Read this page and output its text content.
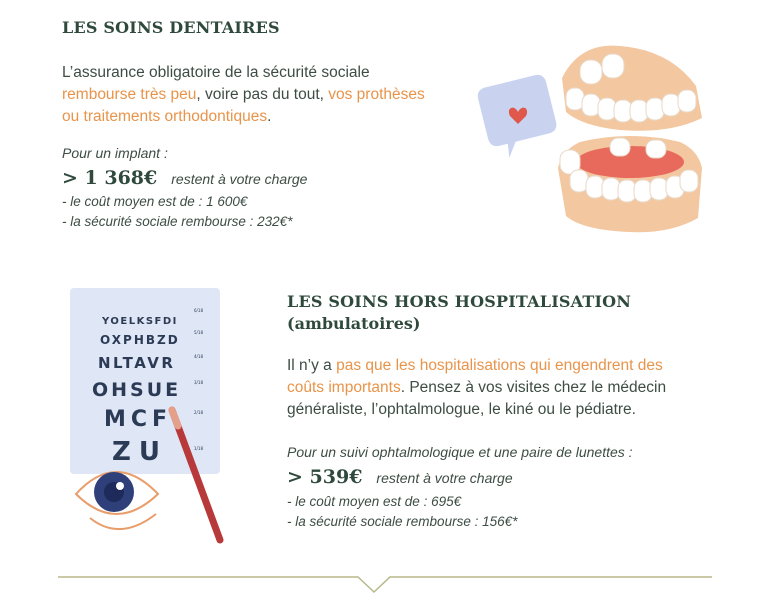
LES SOINS DENTAIRES
L’assurance obligatoire de la sécurité sociale
rembourse très peu, voire pas du tout, vos prothèses
ou traitements orthodontiques.
Pour un implant :
> 1 368€ restent à votre charge
- le coût moyen est de : 1 600€
- la sécurité sociale rembourse : 232€*
LES SOINS HORS HOSPITALISATION
(ambulatoires)
Il n’y a pas que les hospitalisations qui engendrent des
coûts importants. Pensez à vos visites chez le médecin
généraliste, l’ophtalmologue, le kiné ou le pédiatre.
Pour un suivi ophtalmologique et une paire de lunettes :
> 539€ restent à votre charge
- le coût moyen est de : 695€
- la sécurité sociale rembourse : 156€*
YOELKSFDI
OXPHBZD
NLTAVR
OHSUE
MCF
ZU
6/18
5/18
4/18
3/18
2/18
1/18
